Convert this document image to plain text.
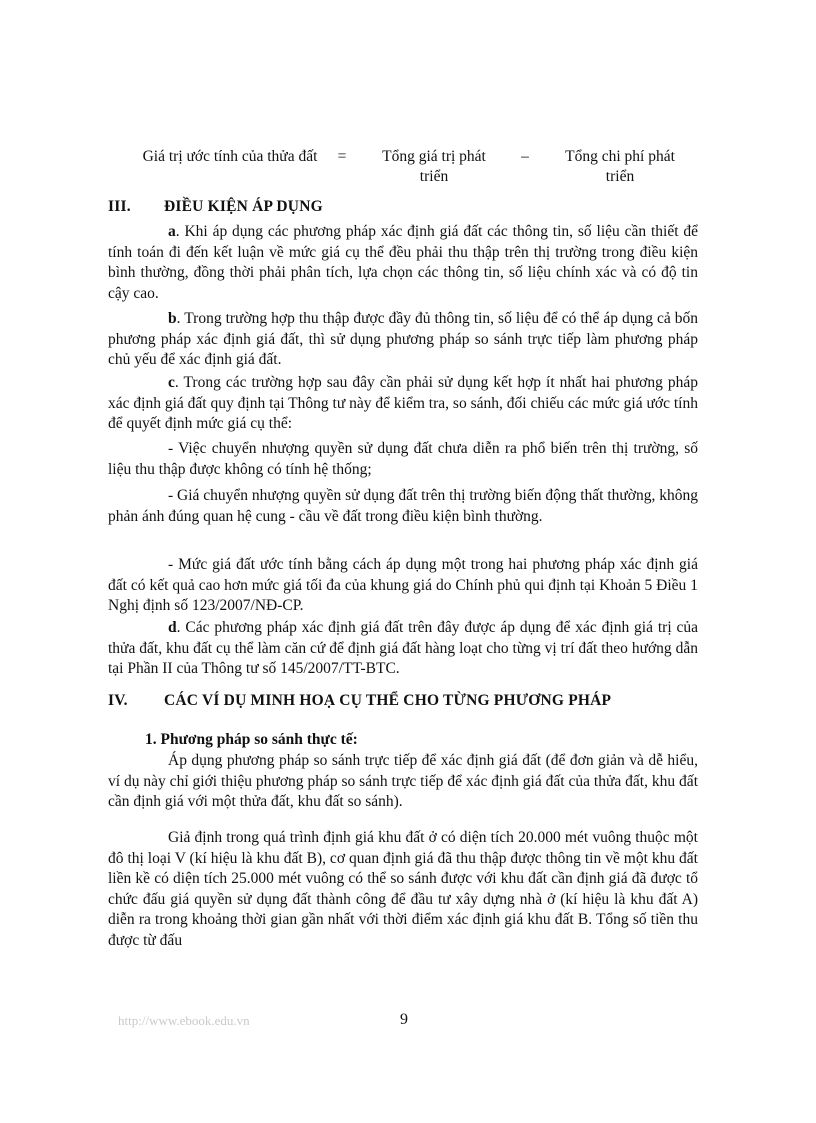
Giá trị ước tính của thửa đất	=	Tổng giá trị phát triển
–	Tổng chi phí phát triển
III. ĐIỀU KIỆN ÁP DỤNG

a. Khi áp dụng các phương pháp xác định giá đất các thông tin, số liệu cần thiết để tính toán đi đến kết luận về mức giá cụ thể đều phải thu thập trên thị trường trong điều kiện bình thường, đồng thời phải phân tích, lựa chọn các thông tin, số liệu chính xác và có độ tin cậy cao.

b. Trong trường hợp thu thập được đầy đủ thông tin, số liệu để có thể áp dụng cả bốn phương pháp xác định giá đất, thì sử dụng phương pháp so sánh trực tiếp làm phương pháp chủ yếu để xác định giá đất.

c. Trong các trường hợp sau đây cần phải sử dụng kết hợp ít nhất hai phương pháp xác định giá đất quy định tại Thông tư này để kiểm tra, so sánh, đối chiếu các mức giá ước tính để quyết định mức giá cụ thể:

- Việc chuyển nhượng quyền sử dụng đất chưa diễn ra phổ biến trên thị trường, số liệu thu thập được không có tính hệ thống;

- Giá chuyển nhượng quyền sử dụng đất trên thị trường biến động thất thường, không phản ánh đúng quan hệ cung - cầu về đất trong điều kiện bình thường.

- Mức giá đất ước tính bằng cách áp dụng một trong hai phương pháp xác định giá đất có kết quả cao hơn mức giá tối đa của khung giá do Chính phủ qui định tại Khoản 5 Điều 1 Nghị định số 123/2007/NĐ-CP.

d. Các phương pháp xác định giá đất trên đây được áp dụng để xác định giá trị của thửa đất, khu đất cụ thể làm căn cứ để định giá đất hàng loạt cho từng vị trí đất theo hướng dẫn tại Phần II của Thông tư số 145/2007/TT-BTC.

IV. CÁC VÍ DỤ MINH HOẠ CỤ THỂ CHO TỪNG PHƯƠNG PHÁP
1. Phương pháp so sánh thực tế:

Áp dụng phương pháp so sánh trực tiếp để xác định giá đất (để đơn giản và dễ hiểu, ví dụ này chỉ giới thiệu phương pháp so sánh trực tiếp để xác định giá đất của thửa đất, khu đất cần định giá với một thửa đất, khu đất so sánh).

Giả định trong quá trình định giá khu đất ở có diện tích 20.000 mét vuông thuộc một đô thị loại V (kí hiệu là khu đất B), cơ quan định giá đã thu thập được thông tin về một khu đất liền kề có diện tích 25.000 mét vuông có thể so sánh được với khu đất cần định giá đã được tổ chức đấu giá quyền sử dụng đất thành công để đầu tư xây dựng nhà ở (kí hiệu là khu đất A) diễn ra trong khoảng thời gian gần nhất với thời điểm xác định giá khu đất B. Tổng số tiền thu được từ đấu

http://www.ebook.edu.vn	9
